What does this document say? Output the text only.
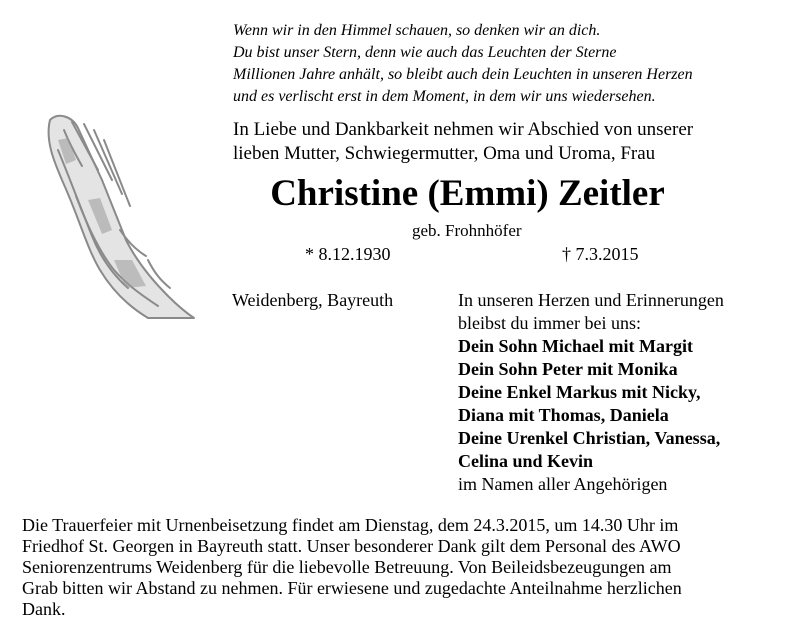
Wenn wir in den Himmel schauen, so denken wir an dich.
Du bist unser Stern, denn wie auch das Leuchten der Sterne
Millionen Jahre anhält, so bleibt auch dein Leuchten in unseren Herzen
und es verlischt erst in dem Moment, in dem wir uns wiedersehen.
In Liebe und Dankbarkeit nehmen wir Abschied von unserer
lieben Mutter, Schwiegermutter, Oma und Uroma, Frau
Christine (Emmi) Zeitler
geb. Frohnhöfer
* 8.12.1930	† 7.3.2015
Weidenberg, Bayreuth	In unseren Herzen und Erinnerungen
bleibst du immer bei uns:
Dein Sohn Michael mit Margit
Dein Sohn Peter mit Monika
Deine Enkel Markus mit Nicky,
Diana mit Thomas, Daniela
Deine Urenkel Christian, Vanessa,
Celina und Kevin
im Namen aller Angehörigen
Die Trauerfeier mit Urnenbeisetzung findet am Dienstag, dem 24.3.2015, um 14.30 Uhr im
Friedhof St. Georgen in Bayreuth statt. Unser besonderer Dank gilt dem Personal des AWO
Seniorenzentrums Weidenberg für die liebevolle Betreuung. Von Beileidsbezeugungen am
Grab bitten wir Abstand zu nehmen. Für erwiesene und zugedachte Anteilnahme herzlichen
Dank.
